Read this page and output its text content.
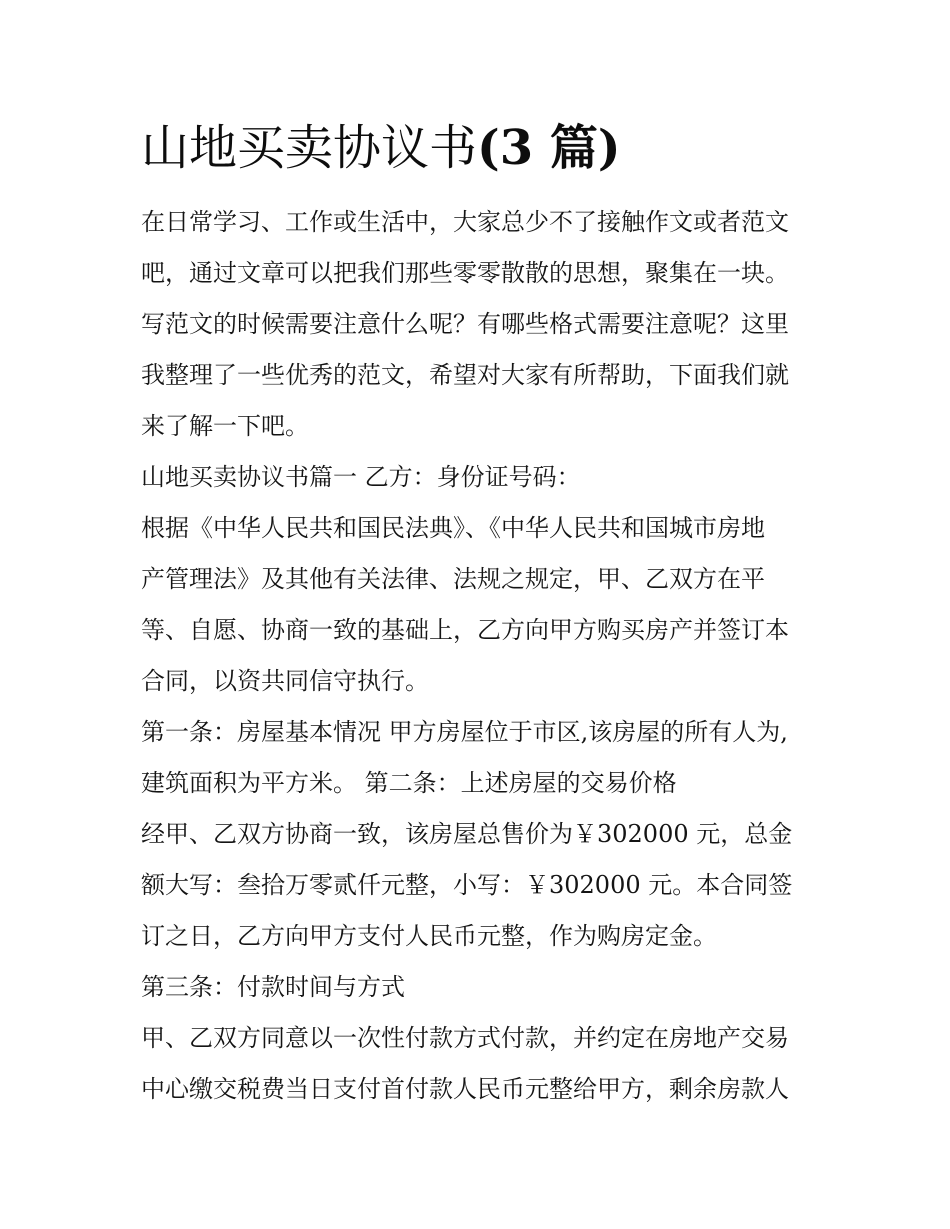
山地买卖协议书(3 篇)
在日常学习、工作或生活中，大家总少不了接触作文或者范文
吧，通过文章可以把我们那些零零散散的思想，聚集在一块。
写范文的时候需要注意什么呢？有哪些格式需要注意呢？这里
我整理了一些优秀的范文，希望对大家有所帮助，下面我们就
来了解一下吧。
山地买卖协议书篇一 乙方：身份证号码：
根据《中华人民共和国民法典》、《中华人民共和国城市房地
产管理法》及其他有关法律、法规之规定，甲、乙双方在平
等、自愿、协商一致的基础上，乙方向甲方购买房产并签订本
合同，以资共同信守执行。
第一条：房屋基本情况 甲方房屋位于市区,该房屋的所有人为,
建筑面积为平方米。 第二条：上述房屋的交易价格
经甲、乙双方协商一致，该房屋总售价为￥302000 元，总金
额大写：叁拾万零贰仟元整，小写：￥302000 元。本合同签
订之日，乙方向甲方支付人民币元整，作为购房定金。
第三条：付款时间与方式
甲、乙双方同意以一次性付款方式付款，并约定在房地产交易
中心缴交税费当日支付首付款人民币元整给甲方，剩余房款人
